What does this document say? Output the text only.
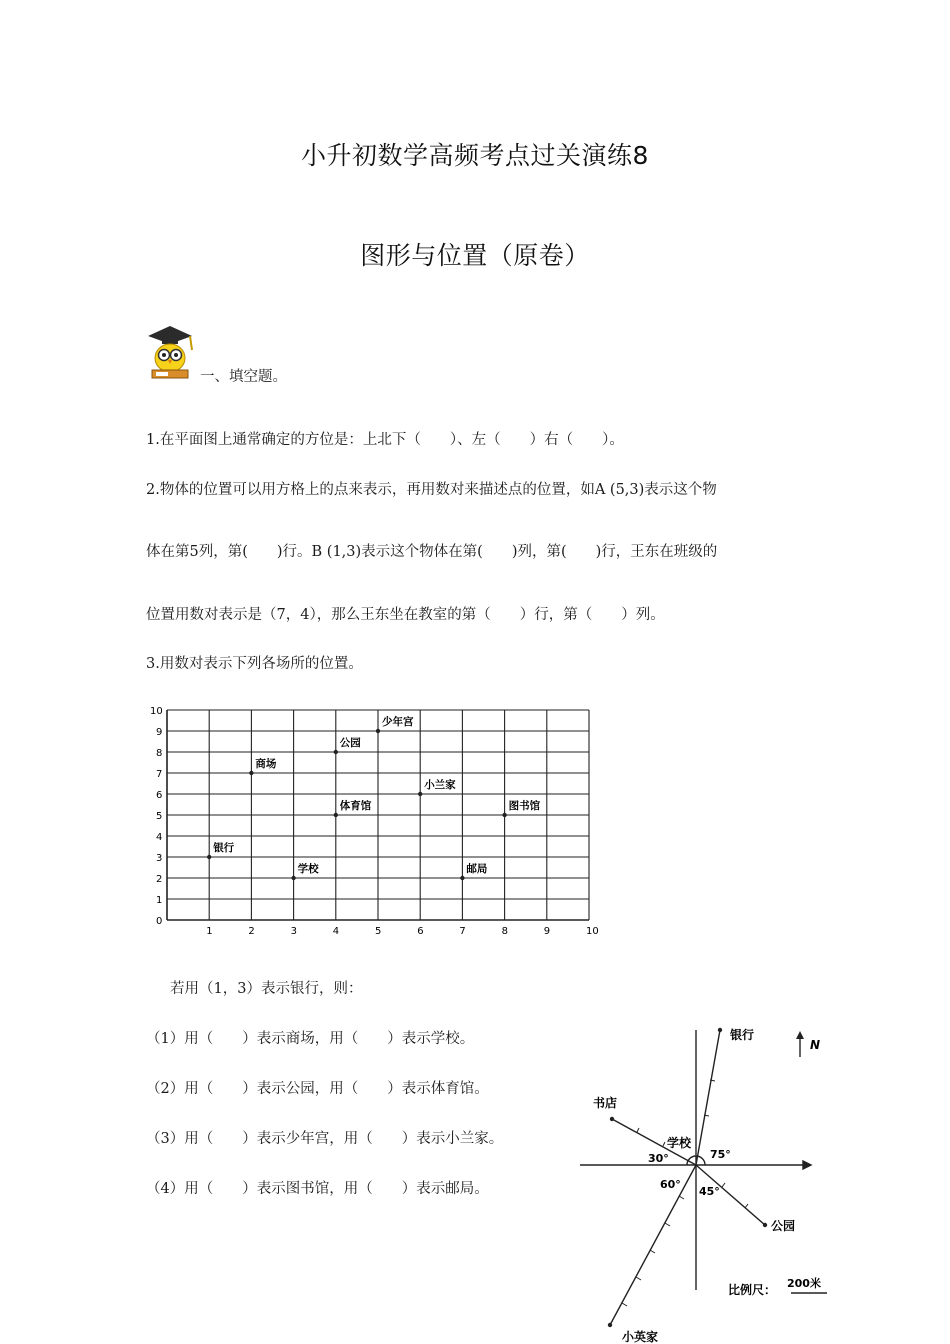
小升初数学高频考点过关演练8
图形与位置（原卷）
一、填空题。
1.在平面图上通常确定的方位是：上北下（　　）、左（　　）右（　　）。
2.物体的位置可以用方格上的点来表示，再用数对来描述点的位置，如A (5,3)表示这个物
体在第5列，第(　　)行。B (1,3)表示这个物体在第(　　)列，第(　　)行，王东在班级的
位置用数对表示是（7，4），那么王东坐在教室的第（　　）行，第（　　）列。
3.用数对表示下列各场所的位置。
1	2	3	4	5	6	7	8	9	10
0
1
2
3
4
5
6
7
8
9
10
银行
商场
学校
公园
体育馆
少年宫
小兰家
邮局
图书馆
若用（1，3）表示银行，则：
（1）用（　　）表示商场，用（　　）表示学校。
（2）用（　　）表示公园，用（　　）表示体育馆。
（3）用（　　）表示少年宫，用（　　）表示小兰家。
（4）用（　　）表示图书馆，用（　　）表示邮局。
N
银行
书店
学校
公园
小英家
30°	75°
60°
45°
比例尺： 200米
